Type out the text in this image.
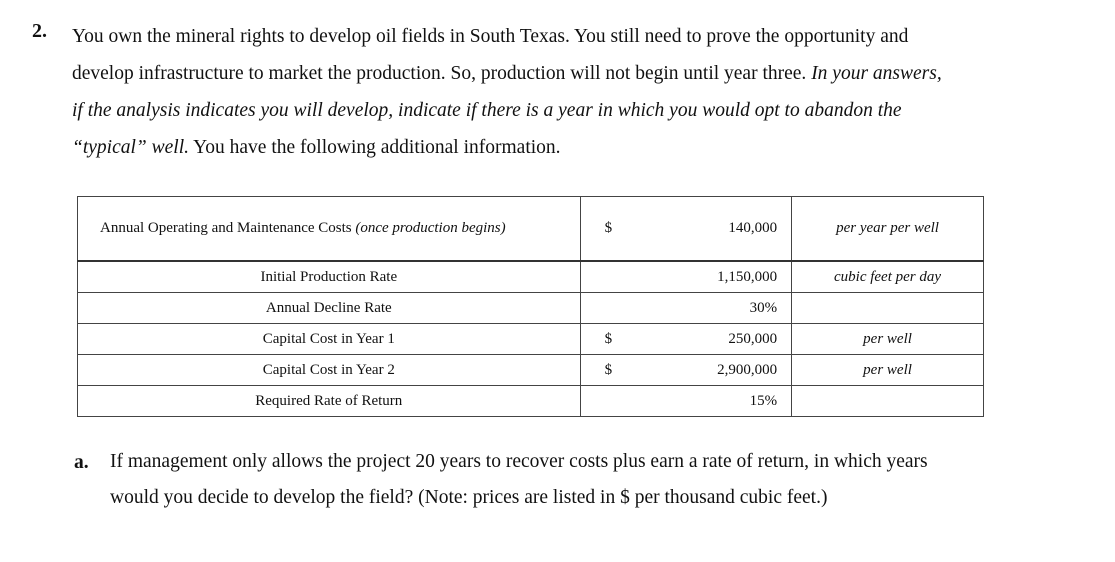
2. You own the mineral rights to develop oil fields in South Texas. You still need to prove the opportunity and
develop infrastructure to market the production. So, production will not begin until year three. In your answers,
if the analysis indicates you will develop, indicate if there is a year in which you would opt to abandon the
“typical” well. You have the following additional information.
Annual Operating and Maintenance Costs (once production begins)	$	140,000	per year per well
Initial Production Rate		1,150,000	cubic feet per day
Annual Decline Rate		30%	
Capital Cost in Year 1	$	250,000	per well
Capital Cost in Year 2	$	2,900,000	per well
Required Rate of Return		15%	
a. If management only allows the project 20 years to recover costs plus earn a rate of return, in which years
would you decide to develop the field? (Note: prices are listed in $ per thousand cubic feet.)
